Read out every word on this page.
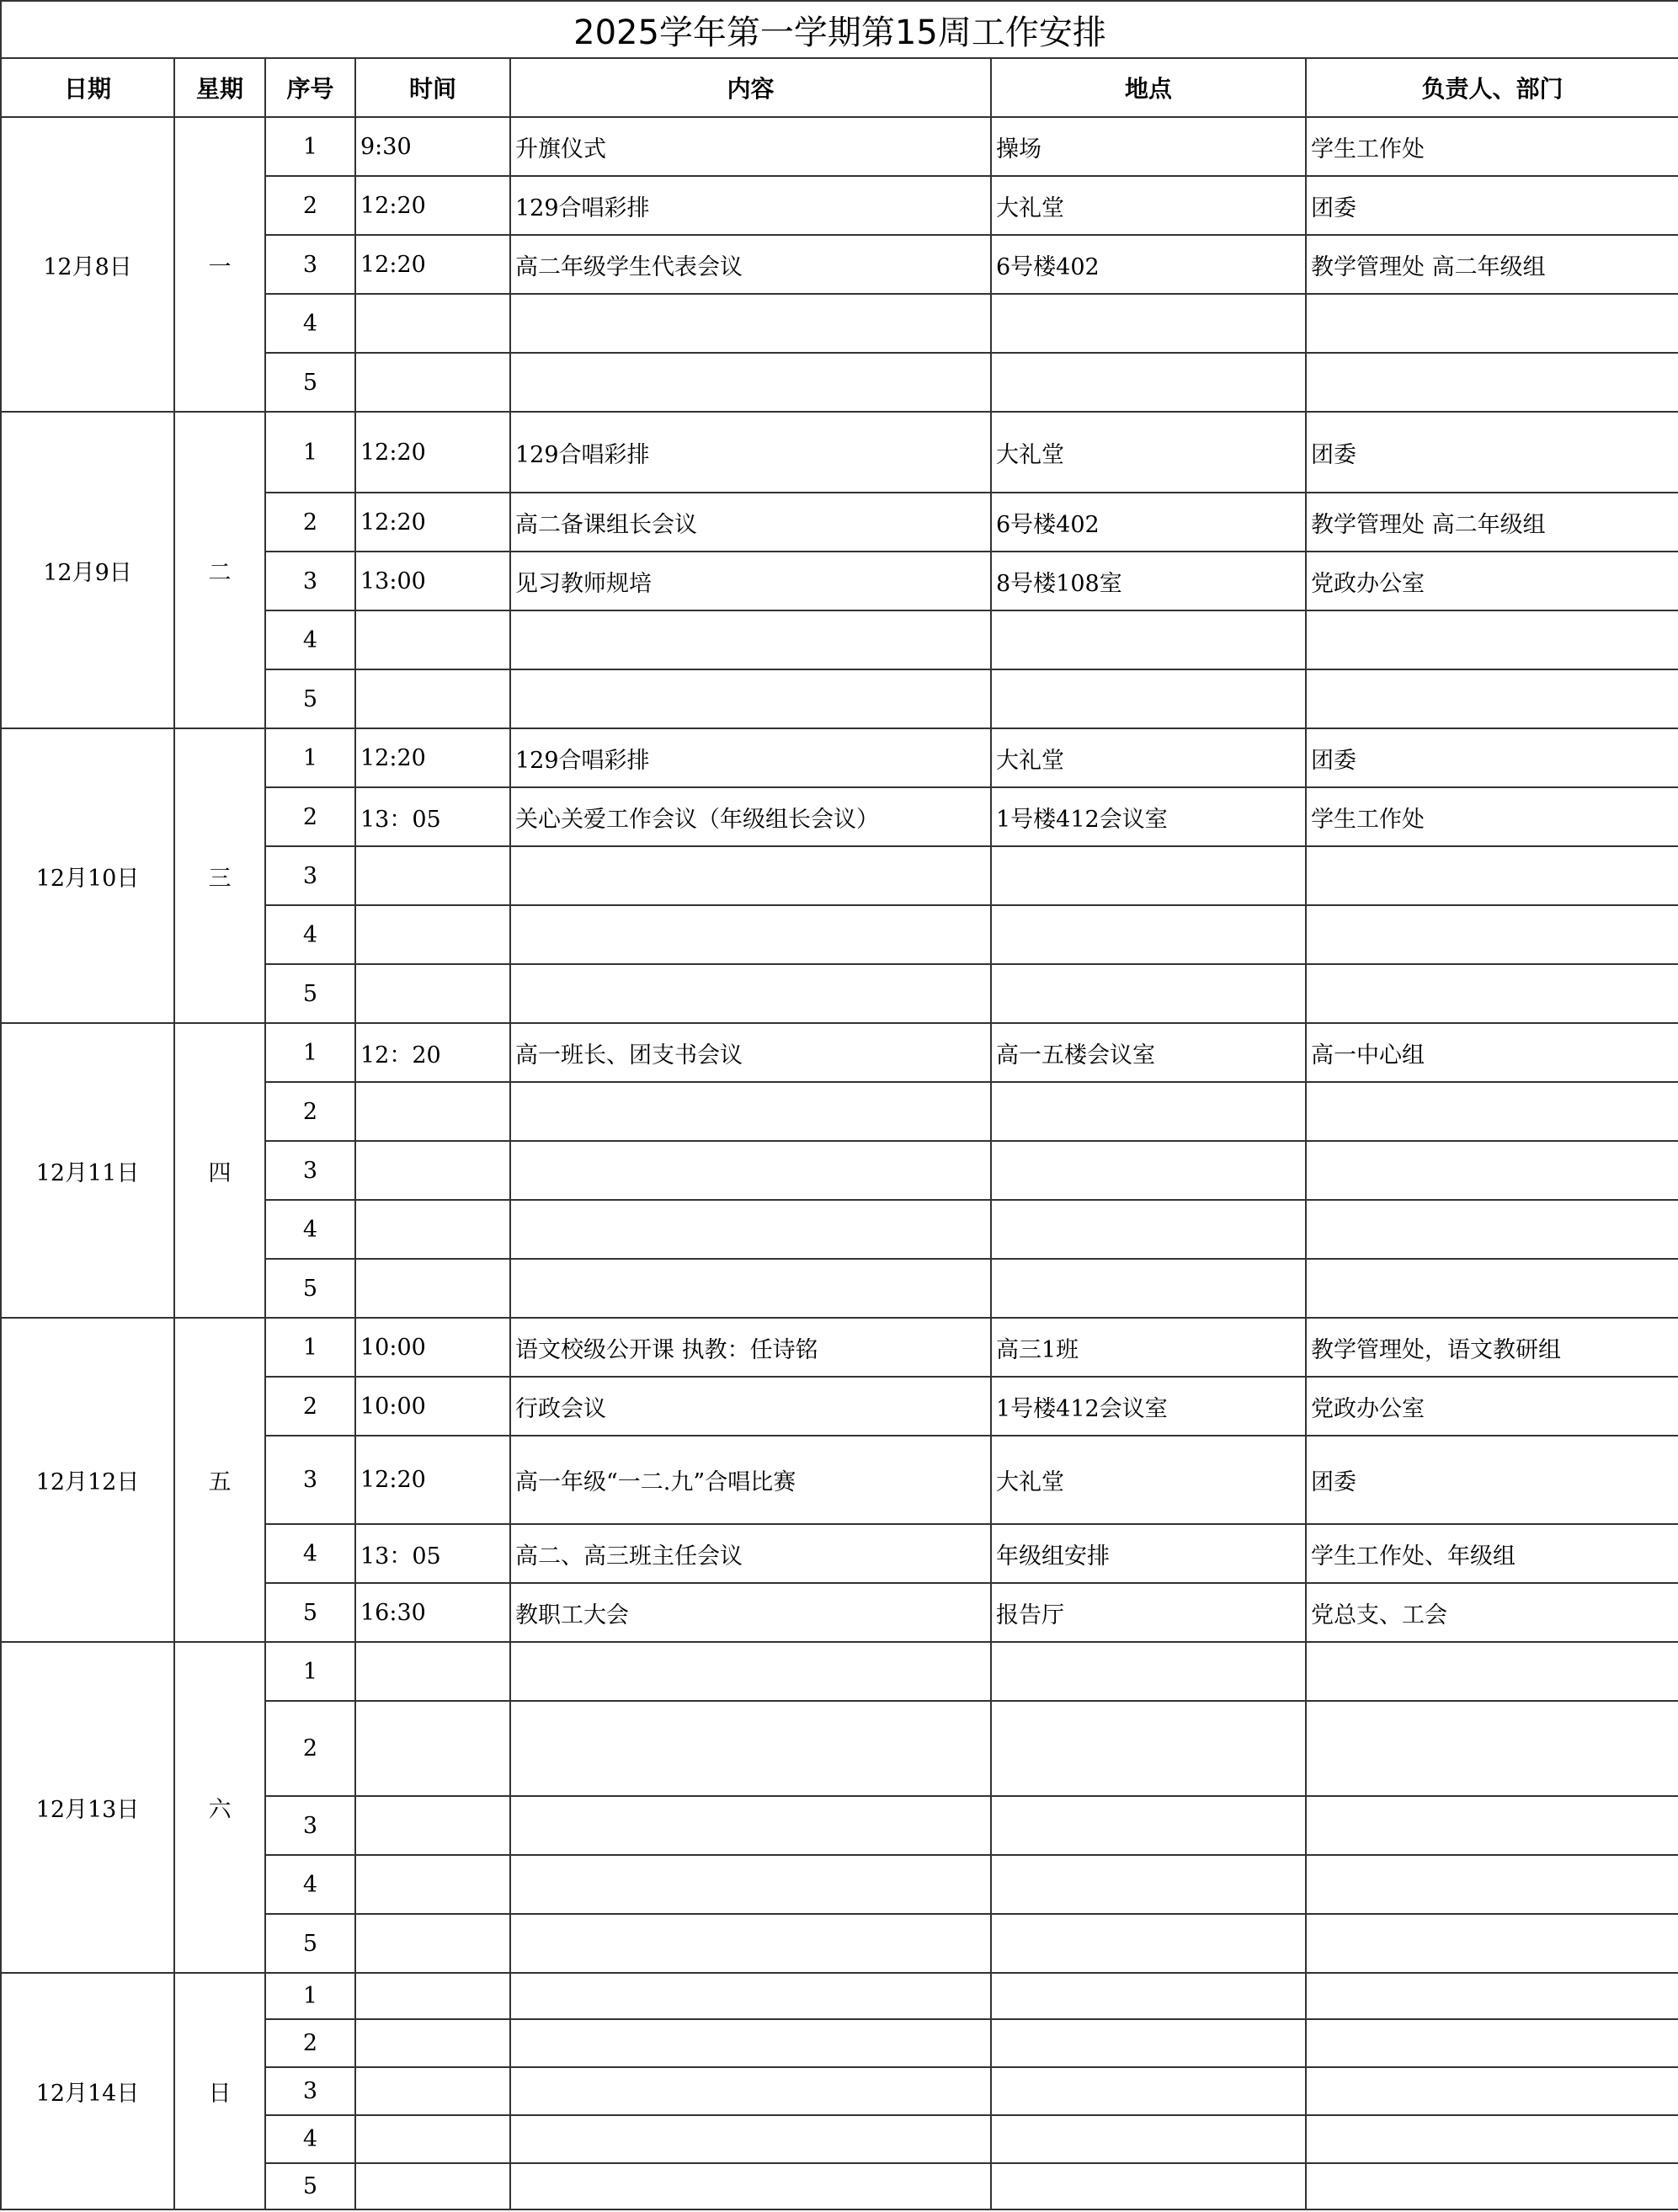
2025学年第一学期第15周工作安排						
日期	星期	序号	时间	内容	地点	负责人、部门
12月8日	一	1	9:30	升旗仪式	操场	学生工作处
		2	12:20	129合唱彩排	大礼堂	团委
		3	12:20	高二年级学生代表会议	6号楼402	教学管理处 高二年级组
		4				
		5				
12月9日	二	1	12:20	129合唱彩排	大礼堂	团委
		2	12:20	高二备课组长会议	6号楼402	教学管理处 高二年级组
		3	13:00	见习教师规培	8号楼108室	党政办公室
		4				
		5				
12月10日	三	1	12:20	129合唱彩排	大礼堂	团委
		2	13：05	关心关爱工作会议（年级组长会议）	1号楼412会议室	学生工作处
		3				
		4				
		5				
12月11日	四	1	12：20	高一班长、团支书会议	高一五楼会议室	高一中心组
		2				
		3				
		4				
		5				
12月12日	五	1	10:00	语文校级公开课 执教：任诗铭	高三1班	教学管理处，语文教研组
		2	10:00	行政会议	1号楼412会议室	党政办公室
		3	12:20	高一年级“一二.九”合唱比赛	大礼堂	团委
		4	13：05	高二、高三班主任会议	年级组安排	学生工作处、年级组
		5	16:30	教职工大会	报告厅	党总支、工会
12月13日	六	1				
		2				
		3				
		4				
		5				
12月14日	日	1				
		2				
		3				
		4				
		5				
